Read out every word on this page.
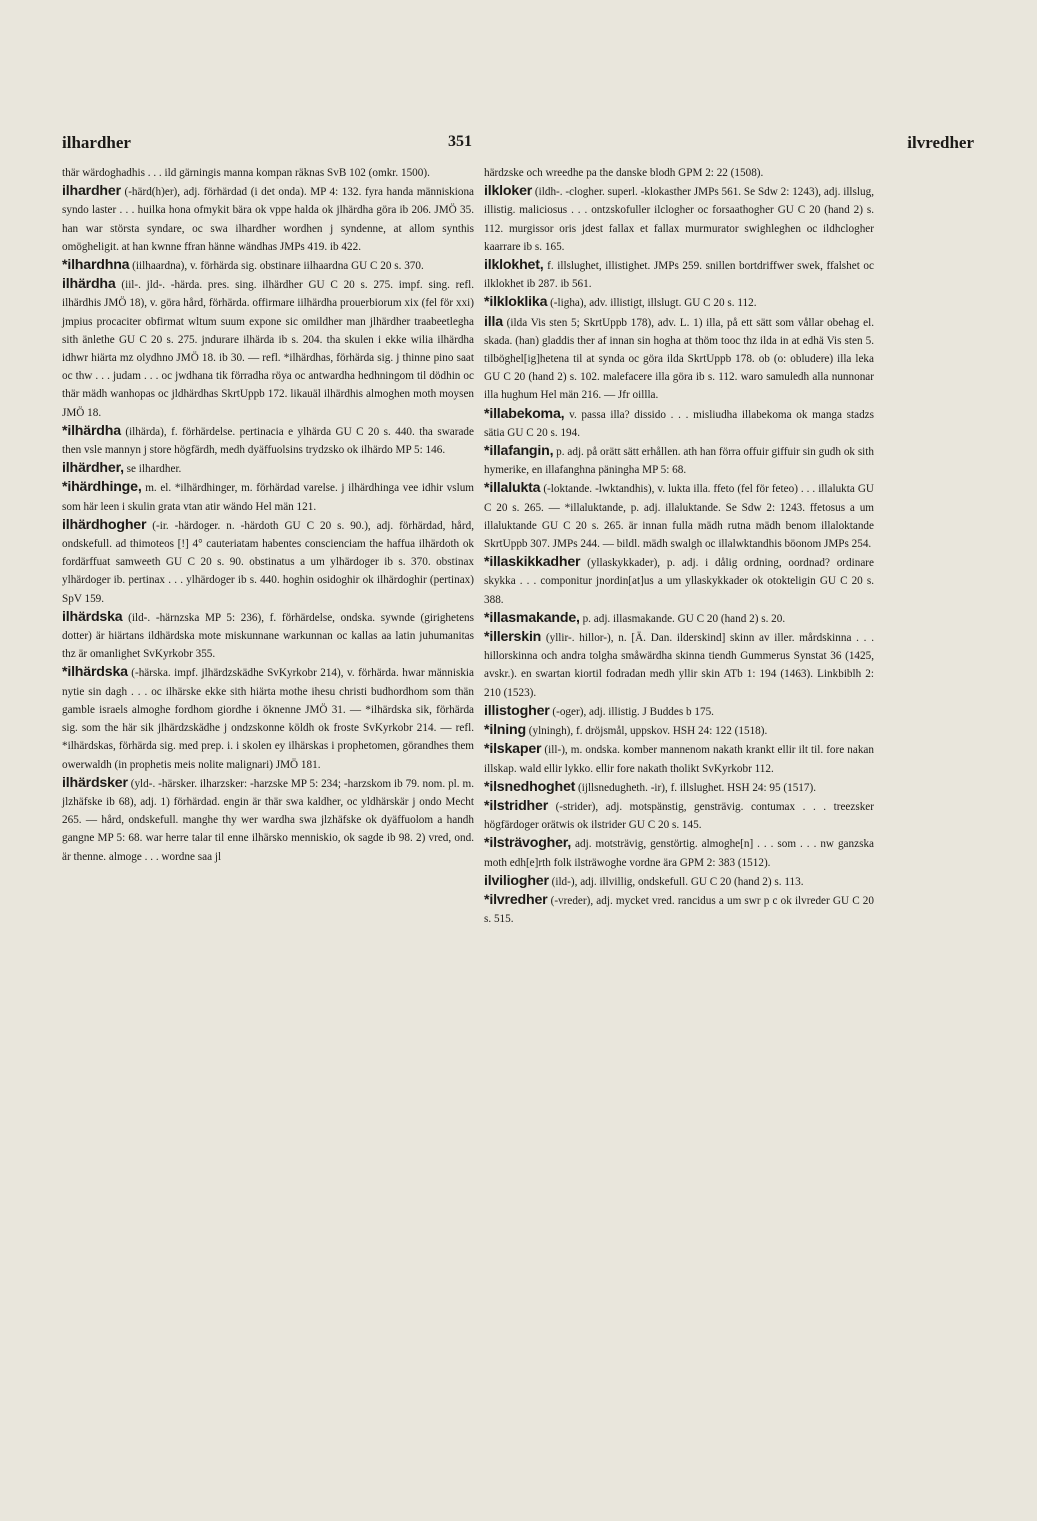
ilhardher	351	ilvredher

thär wärdoghadhis . . . ild gärningis manna kompan räknas SvB 102 (omkr. 1500).

ilhardher (-härd(h)er), adj. förhärdad (i det onda). MP 4: 132. fyra handa människiona syndo laster . . . huilka hona ofmykit bära ok vppe halda ok jlhärdha göra ib 206. JMÖ 35. han war största syndare, oc swa ilhardher wordhen j syndenne, at allom synthis omögheligit. at han kwnne ffran hänne wändhas JMPs 419. ib 422.

*ilhardhna (iilhaardna), v. förhärda sig. obstinare iilhaardna GU C 20 s. 370.

ilhärdha (iil-. jld-. -härda. pres. sing. ilhärdher GU C 20 s. 275. impf. sing. refl. ilhärdhis JMÖ 18), v. göra hård, förhärda. offirmare iilhärdha prouerbiorum xix (fel för xxi) jmpius procaciter obfirmat wltum suum expone sic omildher man jlhärdher traabeetlegha sith änlethe GU C 20 s. 275. jndurare ilhärda ib s. 204. tha skulen i ekke wilia ilhärdha idhwr hiärta mz olydhno JMÖ 18. ib 30. — refl. *ilhärdhas, förhärda sig. j thinne pino saat oc thw . . . judam . . . oc jwdhana tik förradha röya oc antwardha hedhningom til dödhin oc thär mädh wanhopas oc jldhärdhas SkrtUppb 172. likauäl ilhärdhis almoghen moth moysen JMÖ 18.

*ilhärdha (ilhärda), f. förhärdelse. pertinacia e ylhärda GU C 20 s. 440. tha swarade then vsle mannyn j store högfärdh, medh dyäffuolsins trydzsko ok ilhärdo MP 5: 146.

ilhärdher, se ilhardher.

*ihärdhinge, m. el. *ilhärdhinger, m. förhärdad varelse. j ilhärdhinga vee idhir vslum som här leen i skulin grata vtan atir wändo Hel män 121.

ilhärdhogher (-ir. -härdoger. n. -härdoth GU C 20 s. 90.), adj. förhärdad, hård, ondskefull. ad thimoteos [!] 4° cauteriatam habentes conscienciam the haffua ilhärdoth ok fordärffuat samweeth GU C 20 s. 90. obstinatus a um ylhärdoger ib s. 370. obstinax ylhärdoger ib. pertinax . . . ylhärdoger ib s. 440. hoghin osidoghir ok ilhärdoghir (pertinax) SpV 159.

ilhärdska (ild-. -härnzska MP 5: 236), f. förhärdelse, ondska. sywnde (girighetens dotter) är hiärtans ildhärdska mote miskunnane warkunnan oc kallas aa latin juhumanitas thz är omanlighet SvKyrkobr 355.

*ilhärdska (-härska. impf. jlhärdzskädhe SvKyrkobr 214), v. förhärda. hwar människia nytie sin dagh . . . oc ilhärske ekke sith hiärta mothe ihesu christi budhordhom som thän gamble israels almoghe fordhom giordhe i öknenne JMÖ 31. — *ilhärdska sik, förhärda sig. som the här sik jlhärdzskädhe j ondzskonne köldh ok froste SvKyrkobr 214. — refl. *ilhärdskas, förhärda sig. med prep. i. i skolen ey ilhärskas i prophetomen, görandhes them owerwaldh (in prophetis meis nolite malignari) JMÖ 181.

ilhärdsker (yld-. -härsker. ilharzsker: -harzske MP 5: 234; -harzskom ib 79. nom. pl. m. jlzhäfske ib 68), adj. 1) förhärdad. engin är thär swa kaldher, oc yldhärskär j ondo Mecht 265. — hård, ondskefull. manghe thy wer wardha swa jlzhäfske ok dyäffuolom a handh gangne MP 5: 68. war herre talar til enne ilhärsko menniskio, ok sagde ib 98. 2) vred, ond. är thenne. almoge . . . wordne saa jl

härdzske och wreedhe pa the danske blodh GPM 2: 22 (1508).

ilkloker (ildh-. -clogher. superl. -klokasther JMPs 561. Se Sdw 2: 1243), adj. illslug, illistig. maliciosus . . . ontzskofuller ilclogher oc forsaathogher GU C 20 (hand 2) s. 112. murgissor oris jdest fallax et fallax murmurator swighleghen oc ildhclogher kaarrare ib s. 165.

ilklokhet, f. illslughet, illistighet. JMPs 259. snillen bortdriffwer swek, ffalshet oc ilklokhet ib 287. ib 561.

*ilkloklika (-ligha), adv. illistigt, illslugt. GU C 20 s. 112.

illa (ilda Vis sten 5; SkrtUppb 178), adv. L. 1) illa, på ett sätt som vållar obehag el. skada. (han) gladdis ther af innan sin hogha at thöm tooc thz ilda in at edhä Vis sten 5. tilböghel[ig]hetena til at synda oc göra ilda SkrtUppb 178. ob (o: obludere) illa leka GU C 20 (hand 2) s. 102. malefacere illa göra ib s. 112. waro samuledh alla nunnonar illa hughum Hel män 216. — Jfr oillla.

*illabekoma, v. passa illa? dissido . . . misliudha illabekoma ok manga stadzs sätia GU C 20 s. 194.

*illafangin, p. adj. på orätt sätt erhållen. ath han förra offuir giffuir sin gudh ok sith hymerike, en illafanghna päningha MP 5: 68.

*illalukta (-loktande. -lwktandhis), v. lukta illa. ffeto (fel för feteo) . . . illalukta GU C 20 s. 265. — *illaluktande, p. adj. illaluktande. Se Sdw 2: 1243. ffetosus a um illaluktande GU C 20 s. 265. är innan fulla mädh rutna mädh benom illaloktande SkrtUppb 307. JMPs 244. — bildl. mädh swalgh oc illalwktandhis böonom JMPs 254.

*illaskikkadher (yllaskykkader), p. adj. i dålig ordning, oordnad? ordinare skykka . . . componitur jnordin[at]us a um yllaskykkader ok otokteligin GU C 20 s. 388.

*illasmakande, p. adj. illasmakande. GU C 20 (hand 2) s. 20.

*illerskin (yllir-. hillor-), n. [Ä. Dan. ilderskind] skinn av iller. mårdskinna . . . hillorskinna och andra tolgha småwärdha skinna tiendh Gummerus Synstat 36 (1425, avskr.). en swartan kiortil fodradan medh yllir skin ATb 1: 194 (1463). Linkbiblh 2: 210 (1523).

illistogher (-oger), adj. illistig. J Buddes b 175.

*ilning (ylningh), f. dröjsmål, uppskov. HSH 24: 122 (1518).

*ilskaper (ill-), m. ondska. komber mannenom nakath krankt ellir ilt til. fore nakan illskap. wald ellir lykko. ellir fore nakath tholikt SvKyrkobr 112.

*ilsnedhoghet (ijllsnedugheth. -ir), f. illslughet. HSH 24: 95 (1517).

*ilstridher (-strider), adj. motspänstig, gensträvig. contumax . . . treezsker högfärdoger orätwis ok ilstrider GU C 20 s. 145.

*ilsträvogher, adj. motsträvig, genstörtig. almoghe[n] . . . som . . . nw ganzska moth edh[e]rth folk ilsträwoghe vordne ära GPM 2: 383 (1512).

ilviliogher (ild-), adj. illvillig, ondskefull. GU C 20 (hand 2) s. 113.

*ilvredher (-vreder), adj. mycket vred. rancidus a um swr p c ok ilvreder GU C 20 s. 515.
